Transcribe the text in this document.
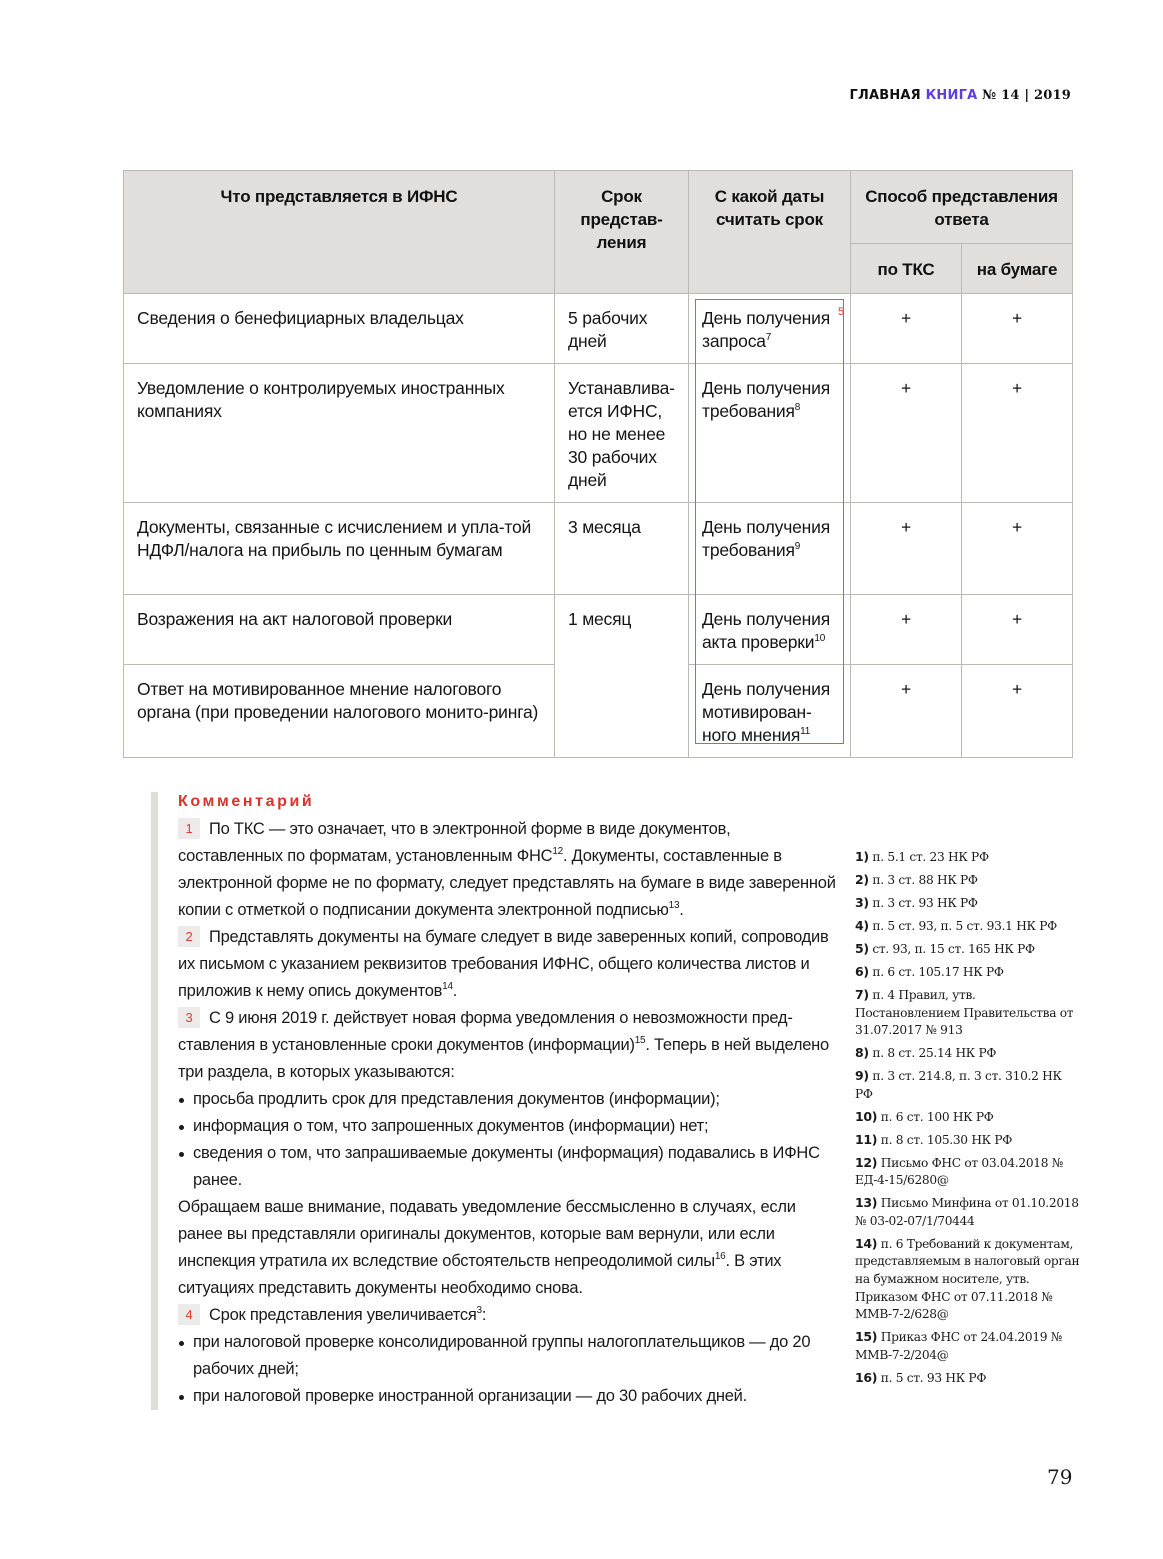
ГЛАВНАЯ КНИГА № 14 | 2019
Что представляется в ИФНС	Срок представ-ления	С какой даты считать срок	Способ представления ответа	

			по ТКС	на бумаге

Сведения о бенефициарных владельцах	5 рабочих дней	День получения запроса$^7$	+	+
Уведомление о контролируемых иностранных компаниях	Устанавлива-ется ИФНС, но не менее 30 рабочих дней	День получения требования$^8$	+	+
Документы, связанные с исчислением и упла-той НДФЛ/налога на прибыль по ценным бумагам	3 месяца	День получения требования$^9$	+	+
Возражения на акт налоговой проверки	1 месяц	День получения акта проверки$^{10}$	+	+
Ответ на мотивированное мнение налогового органа (при проведении налогового монито-ринга)		День получения мотивирован-ного мнения$^{11}$	+	+
5
Комментарий

1 По ТКС — это означает, что в электронной форме в виде документов, составленных по форматам, установленным ФНС$^{12}$. Документы, составленные в электронной форме не по формату, следует представлять на бумаге в виде заверенной копии с отметкой о подписании документа электронной подписью$^{13}$.

2 Представлять документы на бумаге следует в виде заверенных копий, сопроводив их письмом с указанием реквизитов требования ИФНС, общего количества листов и приложив к нему опись документов$^{14}$.

3 С 9 июня 2019 г. действует новая форма уведомления о невозможности пред-ставления в установленные сроки документов (информации)$^{15}$. Теперь в ней выделено три раздела, в которых указываются:

просьба продлить срок для представления документов (информации);
информация о том, что запрошенных документов (информации) нет;
сведения о том, что запрашиваемые документы (информация) подавались в ИФНС ранее.

Обращаем ваше внимание, подавать уведомление бессмысленно в случаях, если ранее вы представляли оригиналы документов, которые вам вернули, или если инспекция утратила их вследствие обстоятельств непреодолимой силы$^{16}$. В этих ситуациях представить документы необходимо снова.

4 Срок представления увеличивается$^3$:

при налоговой проверке консолидированной группы налогоплательщиков — до 20 рабочих дней;
при налоговой проверке иностранной организации — до 30 рабочих дней.
1) п. 5.1 ст. 23 НК РФ
2) п. 3 ст. 88 НК РФ
3) п. 3 ст. 93 НК РФ
4) п. 5 ст. 93, п. 5 ст. 93.1 НК РФ
5) ст. 93, п. 15 ст. 165 НК РФ
6) п. 6 ст. 105.17 НК РФ
7) п. 4 Правил, утв. Постановлением Правительства от 31.07.2017 № 913
8) п. 8 ст. 25.14 НК РФ
9) п. 3 ст. 214.8, п. 3 ст. 310.2 НК РФ
10) п. 6 ст. 100 НК РФ
11) п. 8 ст. 105.30 НК РФ
12) Письмо ФНС от 03.04.2018 № ЕД-4-15/6280@
13) Письмо Минфина от 01.10.2018 № 03-02-07/1/70444
14) п. 6 Требований к документам, представляемым в налоговый орган на бумажном носителе, утв. Приказом ФНС от 07.11.2018 № ММВ-7-2/628@
15) Приказ ФНС от 24.04.2019 № ММВ-7-2/204@
16) п. 5 ст. 93 НК РФ
79
